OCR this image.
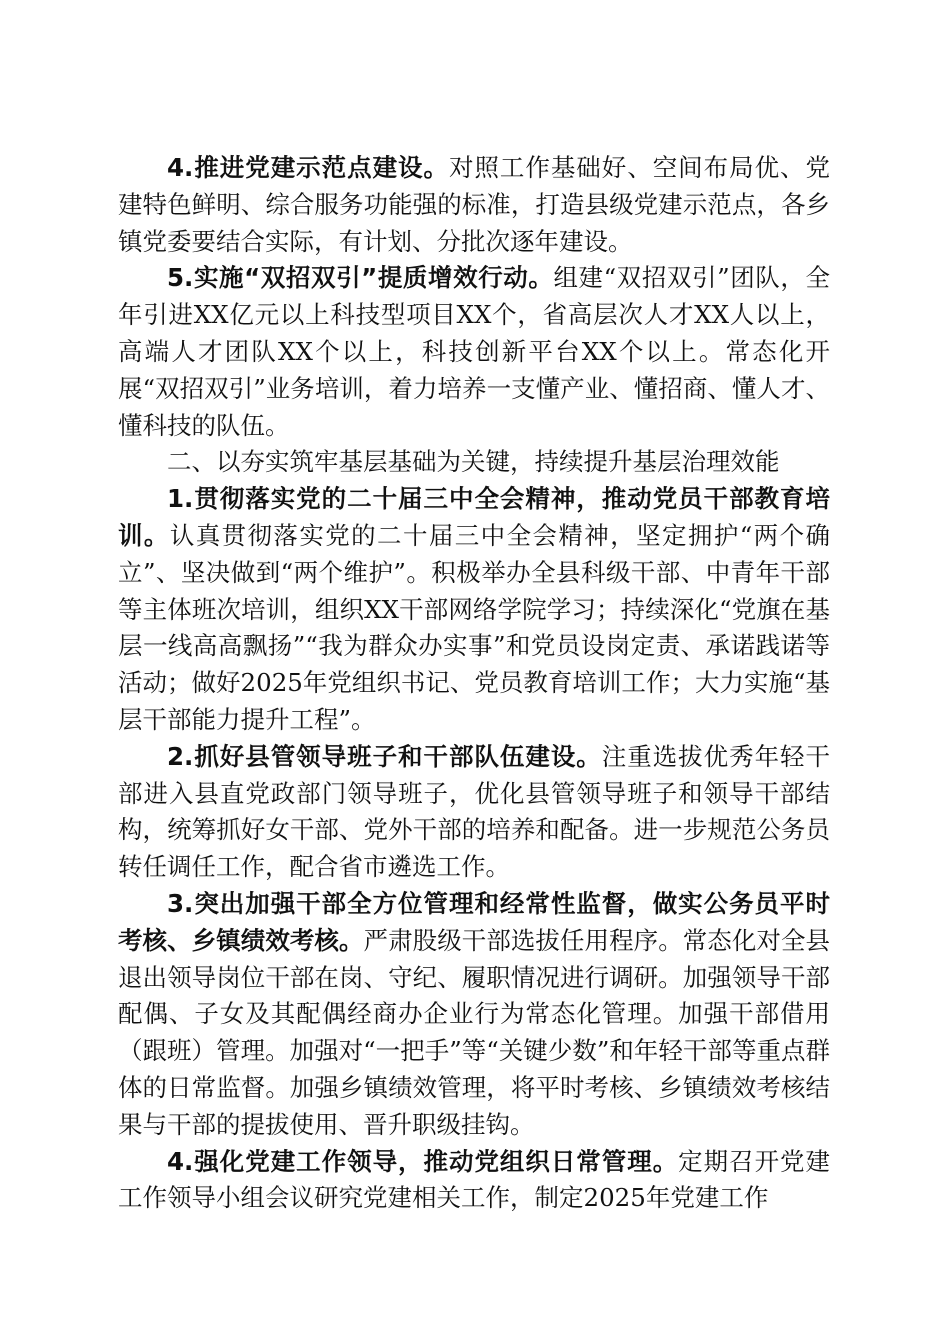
4.推进党建示范点建设。对照工作基础好、空间布局优、党建特色鲜明、综合服务功能强的标准，打造县级党建示范点，各乡镇党委要结合实际，有计划、分批次逐年建设。

5.实施“双招双引”提质增效行动。组建“双招双引”团队，全年引进XX亿元以上科技型项目XX个，省高层次人才XX人以上，高端人才团队XX个以上，科技创新平台XX个以上。常态化开展“双招双引”业务培训，着力培养一支懂产业、懂招商、懂人才、懂科技的队伍。

二、以夯实筑牢基层基础为关键，持续提升基层治理效能

1.贯彻落实党的二十届三中全会精神，推动党员干部教育培训。认真贯彻落实党的二十届三中全会精神，坚定拥护“两个确立”、坚决做到“两个维护”。积极举办全县科级干部、中青年干部等主体班次培训，组织XX干部网络学院学习；持续深化“党旗在基层一线高高飘扬”“我为群众办实事”和党员设岗定责、承诺践诺等活动；做好2025年党组织书记、党员教育培训工作；大力实施“基层干部能力提升工程”。

2.抓好县管领导班子和干部队伍建设。注重选拔优秀年轻干部进入县直党政部门领导班子，优化县管领导班子和领导干部结构，统筹抓好女干部、党外干部的培养和配备。进一步规范公务员转任调任工作，配合省市遴选工作。

3.突出加强干部全方位管理和经常性监督，做实公务员平时考核、乡镇绩效考核。严肃股级干部选拔任用程序。常态化对全县退出领导岗位干部在岗、守纪、履职情况进行调研。加强领导干部配偶、子女及其配偶经商办企业行为常态化管理。加强干部借用（跟班）管理。加强对“一把手”等“关键少数”和年轻干部等重点群体的日常监督。加强乡镇绩效管理，将平时考核、乡镇绩效考核结果与干部的提拔使用、晋升职级挂钩。

4.强化党建工作领导，推动党组织日常管理。定期召开党建工作领导小组会议研究党建相关工作，制定2025年党建工作
